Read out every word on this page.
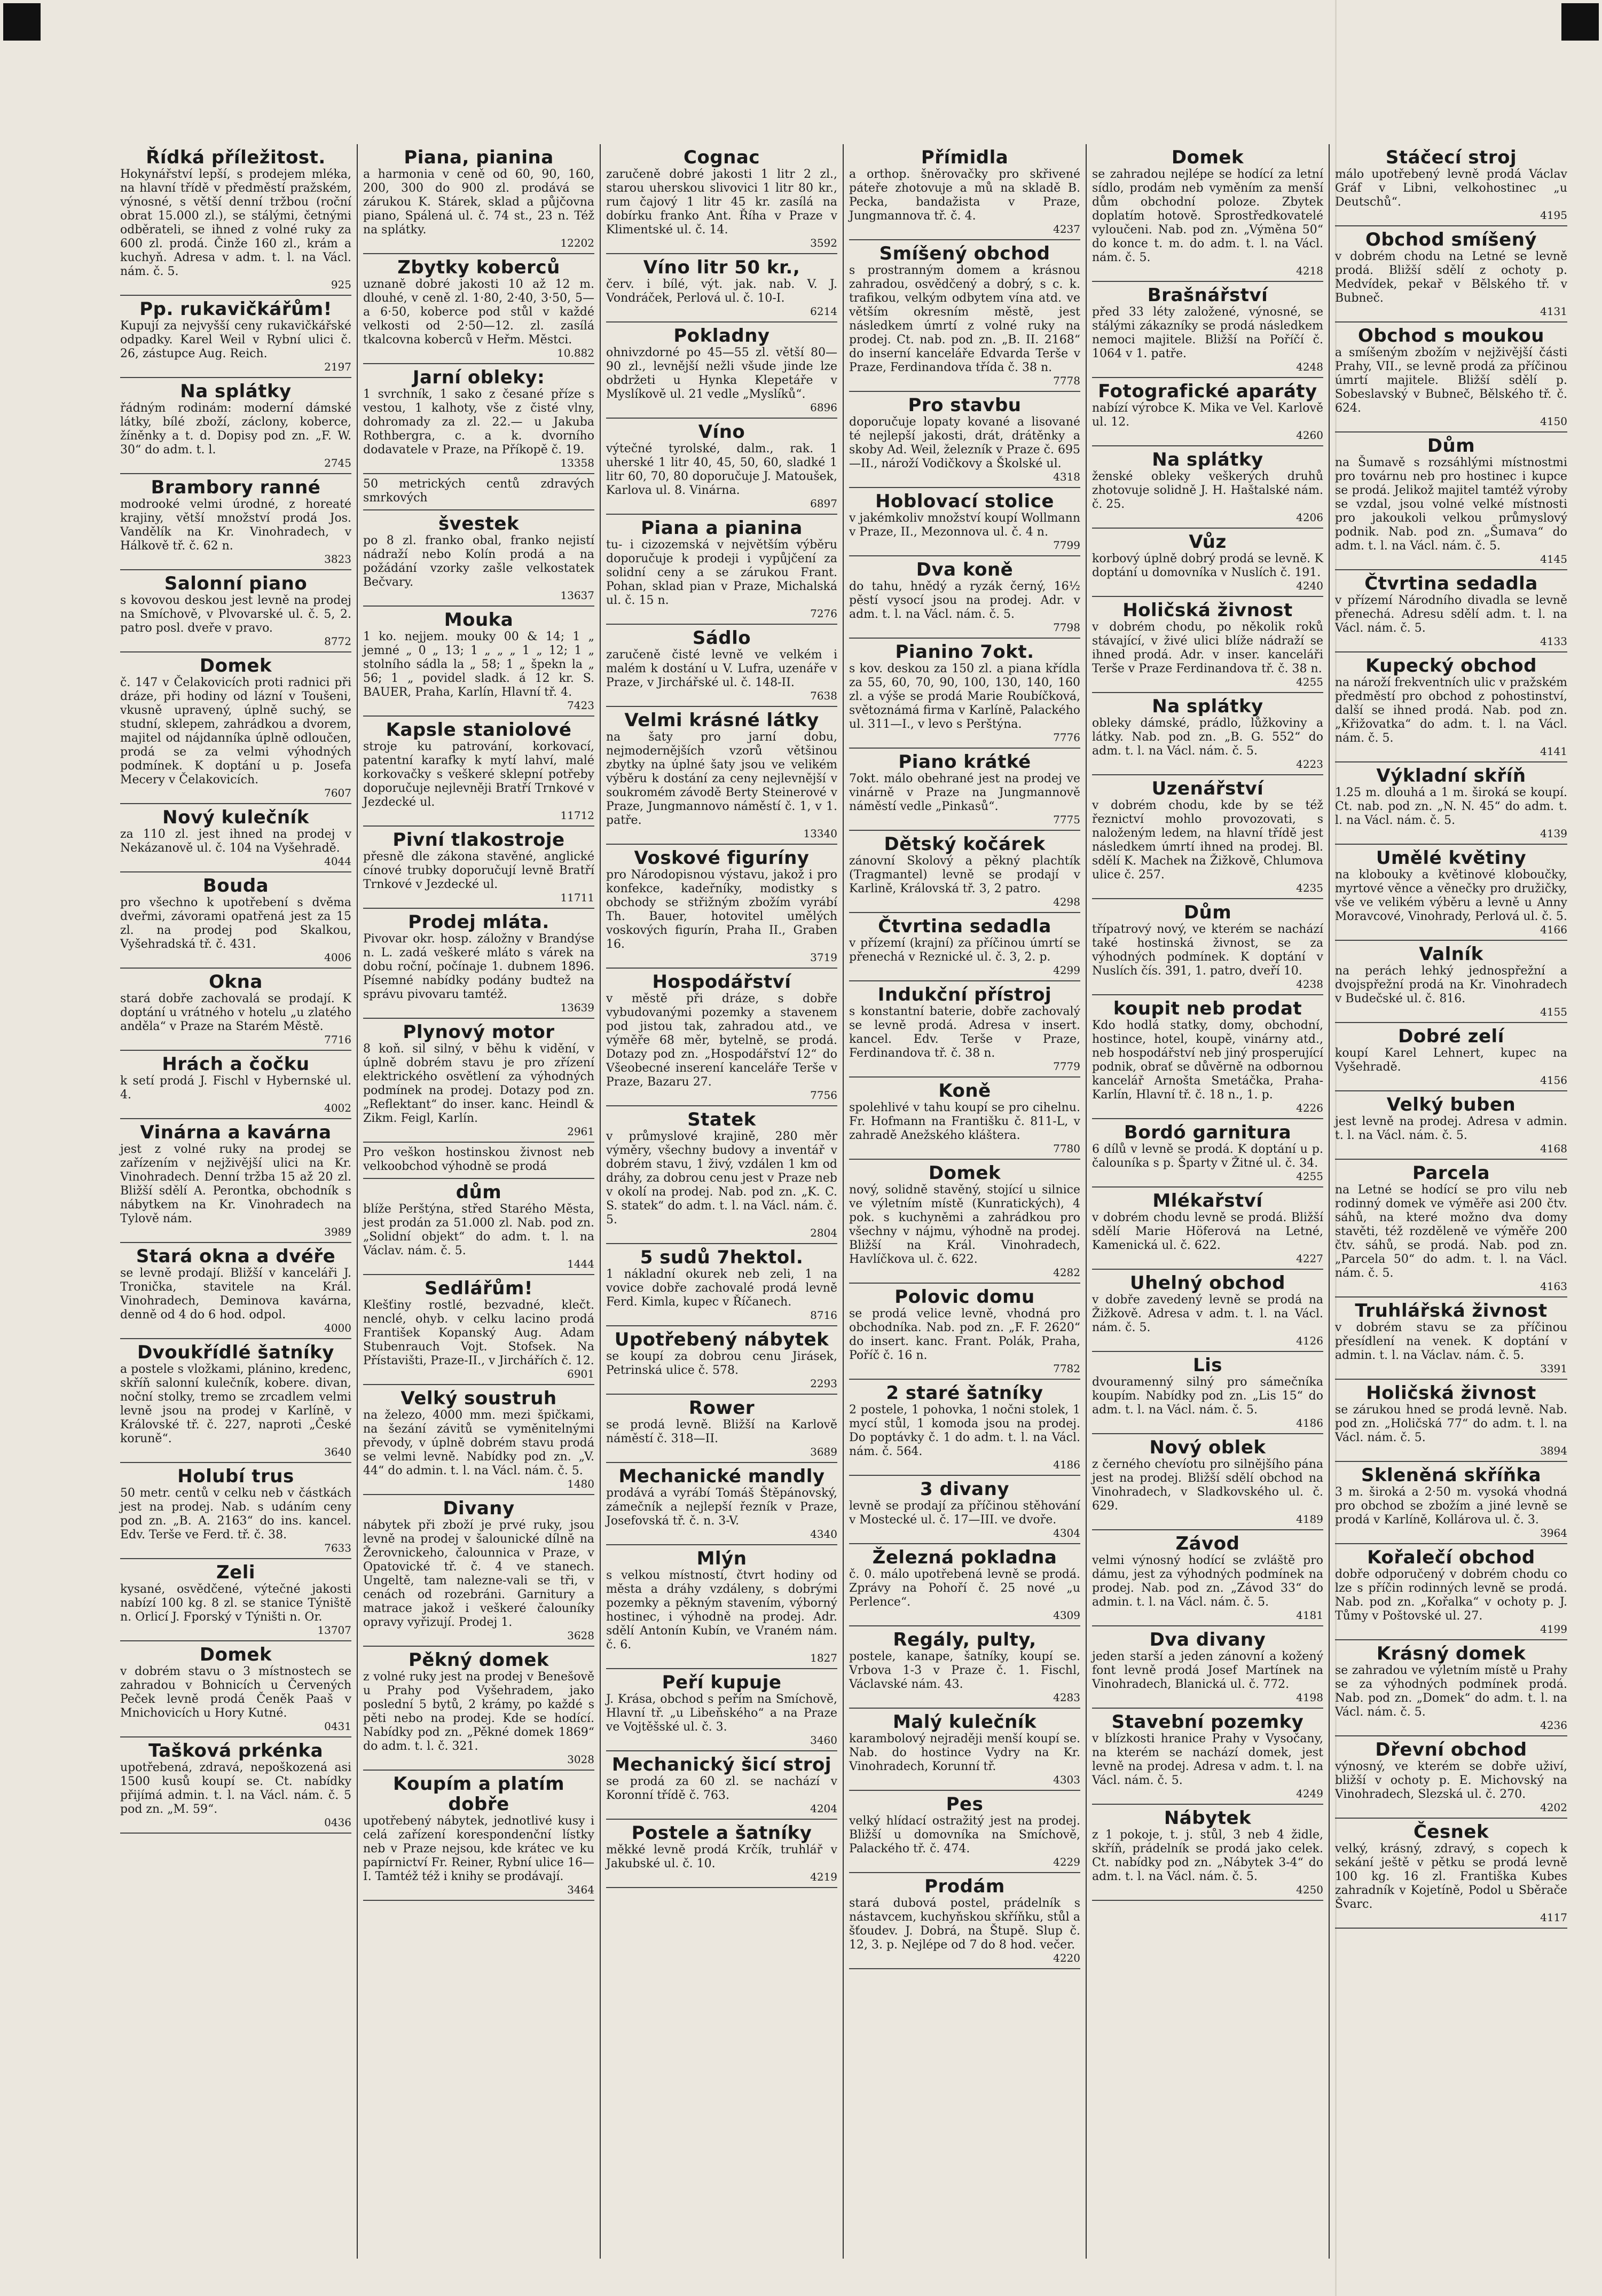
Řídká příležitost.

Hokynářství lepší, s prodejem mléka, na hlavní třídě v předměstí pražském, výnosné, s větší denní tržbou (roční obrat 15.000 zl.), se stálými, četnými odběrateli, se ihned z volné ruky za 600 zl. prodá. Činže 160 zl., krám a kuchyň. Adresa v adm. t. l. na Václ. nám. č. 5.

925
Pp. rukavičkářům!

Kupují za nejvyšší ceny rukavičkářské odpadky. Karel Weil v Rybní ulici č. 26, zástupce Aug. Reich.

2197
Na splátky

řádným rodinám: moderní dámské látky, bílé zboží, záclony, koberce, žíněnky a t. d. Dopisy pod zn. „F. W. 30“ do adm. t. l.

2745
Brambory ranné

modrooké velmi úrodné, z horeaté krajiny, větší množství prodá Jos. Vandělík na Kr. Vinohradech, v Hálkově tř. č. 62 n.

3823
Salonní piano

s kovovou deskou jest levně na prodej na Smíchově, v Plvovarské ul. č. 5, 2. patro posl. dveře v pravo.

8772
Domek

č. 147 v Čelakovicích proti radnici při dráze, při hodiny od lázní v Toušeni, vkusně upravený, úplně suchý, se studní, sklepem, zahrádkou a dvorem, majitel od nájdanníka úplně odloučen, prodá se za velmi výhodných podmínek. K doptání u p. Josefa Mecery v Čelakovicích.

7607
Nový kulečník

za 110 zl. jest ihned na prodej v Nekázanově ul. č. 104 na Vyšehradě.

4044
Bouda

pro všechno k upotřebení s dvěma dveřmi, závorami opatřená jest za 15 zl. na prodej pod Skalkou, Vyšehradská tř. č. 431.

4006
Okna

stará dobře zachovalá se prodají. K doptání u vrátného v hotelu „u zlatého anděla“ v Praze na Starém Městě.

7716
Hrách a čočku

k setí prodá J. Fischl v Hybernské ul. 4.

4002
Vinárna a kavárna

jest z volné ruky na prodej se zařízením v nejživější ulici na Kr. Vinohradech. Denní tržba 15 až 20 zl. Bližší sdělí A. Perontka, obchodník s nábytkem na Kr. Vinohradech na Tylově nám.

3989
Stará okna a dvéře

se levně prodají. Bližší v kanceláři J. Tronička, stavitele na Král. Vinohradech, Deminova kavárna, denně od 4 do 6 hod. odpol.

4000
Dvoukřídlé šatníky

a postele s vložkami, plánino, kredenc, skříň salonní kulečník, kobere. divan, noční stolky, tremo se zrcadlem velmi levně jsou na prodej v Karlíně, v Královské tř. č. 227, naproti „České koruně“.

3640
Holubí trus

50 metr. centů v celku neb v částkách jest na prodej. Nab. s udáním ceny pod zn. „B. A. 2163“ do ins. kancel. Edv. Terše ve Ferd. tř. č. 38.

7633
Zeli

kysané, osvědčené, výtečné jakosti nabízí 100 kg. 8 zl. se stanice Týniště n. Orlicí J. Fporský v Týništi n. Or.

13707
Domek

v dobrém stavu o 3 místnostech se zahradou v Bohnicích u Červených Peček levně prodá Čeněk Paaš v Mnichovicích u Hory Kutné.

0431
Tašková prkénka

upotřebená, zdravá, nepoškozená asi 1500 kusů koupí se. Ct. nabídky přijímá admin. t. l. na Václ. nám. č. 5 pod zn. „M. 59“.

0436
Piana, pianina

a harmonia v ceně od 60, 90, 160, 200, 300 do 900 zl. prodává se zárukou K. Stárek, sklad a půjčovna piano, Spálená ul. č. 74 st., 23 n. Též na splátky.

12202
Zbytky koberců

uznaně dobré jakosti 10 až 12 m. dlouhé, v ceně zl. 1·80, 2·40, 3·50, 5— a 6·50, koberce pod stůl v každé velkosti od 2·50—12. zl. zasílá tkalcovna koberců v Heřm. Městci.

10.882
Jarní obleky:

1 svrchník, 1 sako z česané příze s vestou, 1 kalhoty, vše z čisté vlny, dohromady za zl. 22.— u Jakuba Rothbergra, c. a k. dvorního dodavatele v Praze, na Příkopě č. 19.

13358

50 metrických centů zdravých smrkových

švestek

po 8 zl. franko obal, franko nejistí nádraží nebo Kolín prodá a na požádání vzorky zašle velkostatek Bečvary.

13637
Mouka

1 ko. nejjem. mouky 00 & 14; 1 „ jemné „ 0 „ 13; 1 „ „ „ 1 „ 12; 1 „ stolního sádla la „ 58; 1 „ špekn la „ 56; 1 „ povidel sladk. á 12 kr. S. BAUER, Praha, Karlín, Hlavní tř. 4.

7423
Kapsle staniolové

stroje ku patrování, korkovací, patentní karafky k mytí lahví, malé korkovačky s veškeré sklepní potřeby doporučuje nejlevněji Bratří Trnkové v Jezdecké ul.

11712
Pivní tlakostroje

přesně dle zákona stavěné, anglické cínové trubky doporučují levně Bratří Trnkové v Jezdecké ul.

11711
Prodej mláta.

Pivovar okr. hosp. záložny v Brandýse n. L. zadá veškeré mláto s várek na dobu roční, počínaje 1. dubnem 1896. Písemné nabídky podány budtež na správu pivovaru tamtéž.

13639
Plynový motor

8 koň. sil silný, v běhu k vidění, v úplně dobrém stavu je pro zřízení elektrického osvětlení za výhodných podmínek na prodej. Dotazy pod zn. „Reflektant“ do inser. kanc. Heindl & Zikm. Feigl, Karlín.

2961

Pro veškon hostinskou živnost neb velkoobchod výhodně se prodá

dům

blíže Perštýna, střed Starého Města, jest prodán za 51.000 zl. Nab. pod zn. „Solidní objekt“ do adm. t. l. na Václav. nám. č. 5.

1444
Sedlářům!

Klešťiny rostlé, bezvadné, klečt. nenclé, ohyb. v celku lacino prodá František Kopanský Aug. Adam Stubenrauch Vojt. Stofsek. Na Přístavišti, Praze-II., v Jirchářích č. 12.

6901
Velký soustruh

na železo, 4000 mm. mezi špičkami, na šezání závitů se vyměnitelnými převody, v úplně dobrém stavu prodá se velmi levně. Nabídky pod zn. „V. 44“ do admin. t. l. na Václ. nám. č. 5.

1480
Divany

nábytek při zboží je prvé ruky, jsou levně na prodej v šalounické dílně na Žerovnickeho, čalounnica v Praze, v Opatovické tř. č. 4 ve stanech. Ungeltě, tam nalezne-vali se tři, v cenách od rozebráni. Garnitury a matrace jakož i veškeré čalouníky opravy vyřizují. Prodej 1.

3628
Pěkný domek

z volné ruky jest na prodej v Benešově u Prahy pod Vyšehradem, jako poslední 5 bytů, 2 krámy, po každé s pěti nebo na prodej. Kde se hodící. Nabídky pod zn. „Pěkné domek 1869“ do adm. t. l. č. 321.

3028
Koupím a platím dobře

upotřebený nábytek, jednotlivé kusy i celá zařízení korespondenční lístky neb v Praze nejsou, kde krátec ve ku papírnictví Fr. Reiner, Rybní ulice 16—I. Tamtéž též i knihy se prodávají.

3464
Cognac

zaručeně dobré jakosti 1 litr 2 zl., starou uherskou slivovici 1 litr 80 kr., rum čajový 1 litr 45 kr. zasílá na dobírku franko Ant. Říha v Praze v Klimentské ul. č. 14.

3592
Víno litr 50 kr.,

červ. i bílé, výt. jak. nab. V. J. Vondráček, Perlová ul. č. 10-I.

6214
Pokladny

ohnivzdorné po 45—55 zl. větší 80—90 zl., levnější nežli všude jinde lze obdržeti u Hynka Klepetáře v Myslíkově ul. 21 vedle „Myslíků“.

6896
Víno

výtečné tyrolské, dalm., rak. 1 uherské 1 litr 40, 45, 50, 60, sladké 1 litr 60, 70, 80 doporučuje J. Matoušek, Karlova ul. 8. Vinárna.

6897
Piana a pianina

tu- i cizozemská v největším výběru doporučuje k prodeji i vypůjčení za solidní ceny a se zárukou Frant. Pohan, sklad pian v Praze, Michalská ul. č. 15 n.

7276
Sádlo

zaručeně čisté levně ve velkém i malém k dostání u V. Lufra, uzenáře v Praze, v Jirchářské ul. č. 148-II.

7638
Velmi krásné látky

na šaty pro jarní dobu, nejmodernějších vzorů většinou zbytky na úplné šaty jsou ve velikém výběru k dostání za ceny nejlevnější v soukromém závodě Berty Steinerové v Praze, Jungmannovo náměstí č. 1, v 1. patře.

13340
Voskové figuríny

pro Národopisnou výstavu, jakož i pro konfekce, kadeřníky, modistky s obchody se střižným zbožím vyrábí Th. Bauer, hotovitel umělých voskových figurín, Praha II., Graben 16.

3719
Hospodářství

v městě při dráze, s dobře vybudovanými pozemky a stavenem pod jistou tak, zahradou atd., ve výměře 68 měr, bytelně, se prodá. Dotazy pod zn. „Hospodářství 12“ do Všeobecné inserení kanceláře Terše v Praze, Bazaru 27.

7756
Statek

v průmyslové krajině, 280 měr výměry, všechny budovy a inventář v dobrém stavu, 1 živý, vzdálen 1 km od dráhy, za dobrou cenu jest v Praze neb v okolí na prodej. Nab. pod zn. „K. C. S. statek“ do adm. t. l. na Václ. nám. č. 5.

2804
5 sudů 7hektol.

1 nákladní okurek neb zeli, 1 na vovice dobře zachovalé prodá levně Ferd. Kimla, kupec v Říčanech.

8716
Upotřebený nábytek

se koupí za dobrou cenu Jirásek, Petrinská ulice č. 578.

2293
Rower

se prodá levně. Bližší na Karlově náměstí č. 318—II.

3689
Mechanické mandly

prodává a vyrábí Tomáš Štěpánovský, zámečník a nejlepší řezník v Praze, Josefovská tř. č. n. 3-V.

4340
Mlýn

s velkou místností, čtvrt hodiny od města a dráhy vzdáleny, s dobrými pozemky a pěkným stavením, výborný hostinec, i výhodně na prodej. Adr. sdělí Antonín Kubín, ve Vraném nám. č. 6.

1827
Peří kupuje

J. Krása, obchod s peřím na Smíchově, Hlavní tř. „u Libeňského“ a na Praze ve Vojtěšské ul. č. 3.

3460
Mechanický šicí stroj

se prodá za 60 zl. se nachází v Koronní třídě č. 763.

4204
Postele a šatníky

měkké levně prodá Krčík, truhlář v Jakubské ul. č. 10.

4219
Přímidla

a orthop. šněrovačky pro skřivené páteře zhotovuje a mů na skladě B. Pecka, bandažista v Praze, Jungmannova tř. č. 4.

4237
Smíšený obchod

s prostranným domem a krásnou zahradou, osvědčený a dobrý, s c. k. trafikou, velkým odbytem vína atd. ve větším okresním městě, jest následkem úmrtí z volné ruky na prodej. Ct. nab. pod zn. „B. II. 2168“ do inserní kanceláře Edvarda Terše v Praze, Ferdinandova třída č. 38 n.

7778
Pro stavbu

doporučuje lopaty kované a lisované té nejlepší jakosti, drát, drátěnky a skoby Ad. Weil, železník v Praze č. 695—II., nároží Vodičkovy a Školské ul.

4318
Hoblovací stolice

v jakémkoliv množství koupí Wollmann v Praze, II., Mezonnova ul. č. 4 n.

7799
Dva koně

do tahu, hnědý a ryzák černý, 16½ pěstí vysocí jsou na prodej. Adr. v adm. t. l. na Václ. nám. č. 5.

7798
Pianino 7okt.

s kov. deskou za 150 zl. a piana křídla za 55, 60, 70, 90, 100, 130, 140, 160 zl. a výše se prodá Marie Roubíčková, světoznámá firma v Karlíně, Palackého ul. 311—I., v levo s Perštýna.

7776
Piano krátké

7okt. málo obehrané jest na prodej ve vinárně v Praze na Jungmannově náměstí vedle „Pinkasů“.

7775
Dětský kočárek

zánovní Skolový a pěkný plachtík (Tragmantel) levně se prodají v Karlině, Královská tř. 3, 2 patro.

4298
Čtvrtina sedadla

v přízemí (krajní) za příčinou úmrtí se přenechá v Reznické ul. č. 3, 2. p.

4299
Indukční přístroj

s konstantní baterie, dobře zachovalý se levně prodá. Adresa v insert. kancel. Edv. Terše v Praze, Ferdinandova tř. č. 38 n.

7779
Koně

spolehlivé v tahu koupí se pro cihelnu. Fr. Hofmann na Františku č. 811-L, v zahradě Anežského kláštera.

7780
Domek

nový, solidně stavěný, stojící u silnice ve výletním místě (Kunratických), 4 pok. s kuchyněmi a zahrádkou pro všechny v nájmu, výhodně na prodej. Bližší na Král. Vinohradech, Havlíčkova ul. č. 622.

4282
Polovic domu

se prodá velice levně, vhodná pro obchodníka. Nab. pod zn. „F. F. 2620“ do insert. kanc. Frant. Polák, Praha, Poříč č. 16 n.

7782
2 staré šatníky

2 postele, 1 pohovka, 1 nočni stolek, 1 mycí stůl, 1 komoda jsou na prodej. Do poptávky č. 1 do adm. t. l. na Václ. nám. č. 564.

4186
3 divany

levně se prodají za příčinou stěhování v Mostecké ul. č. 17—III. ve dvoře.

4304
Železná pokladna

č. 0. málo upotřebená levně se prodá. Zprávy na Pohoří č. 25 nové „u Perlence“.

4309
Regály, pulty,

postele, kanape, šatníky, koupí se. Vrbova 1-3 v Praze č. 1. Fischl, Václavské nám. 43.

4283
Malý kulečník

karambolový nejraději menší koupí se. Nab. do hostince Vydry na Kr. Vinohradech, Korunní tř.

4303
Pes

velký hlídací ostražitý jest na prodej. Bližší u domovníka na Smíchově, Palackého tř. č. 474.

4229
Prodám

stará dubová postel, prádelník s nástavcem, kuchyňskou skříňku, stůl a šťoudev. J. Dobrá, na Štupě. Slup č. 12, 3. p. Nejlépe od 7 do 8 hod. večer.

4220
Domek

se zahradou nejlépe se hodící za letní sídlo, prodám neb vyměním za menší dům obchodní poloze. Zbytek doplatím hotově. Sprostředkovatelé vyloučeni. Nab. pod zn. „Výměna 50“ do konce t. m. do adm. t. l. na Václ. nám. č. 5.

4218
Brašnářství

před 33 léty založené, výnosné, se stálými zákazníky se prodá následkem nemoci majitele. Bližší na Poříčí č. 1064 v 1. patře.

4248
Fotografické aparáty

nabízí výrobce K. Mika ve Vel. Karlově ul. 12.

4260
Na splátky

ženské obleky veškerých druhů zhotovuje solidně J. H. Haštalské nám. č. 25.

4206
Vůz

korbový úplně dobrý prodá se levně. K doptání u domovníka v Nuslích č. 191.

4240
Holičská živnost

v dobrém chodu, po několik roků stávající, v živé ulici blíže nádraží se ihned prodá. Adr. v inser. kanceláři Terše v Praze Ferdinandova tř. č. 38 n.

4255
Na splátky

obleky dámské, prádlo, lůžkoviny a látky. Nab. pod zn. „B. G. 552“ do adm. t. l. na Václ. nám. č. 5.

4223
Uzenářství

v dobrém chodu, kde by se též řeznictví mohlo provozovati, s naloženým ledem, na hlavní třídě jest následkem úmrtí ihned na prodej. Bl. sdělí K. Machek na Žižkově, Chlumova ulice č. 257.

4235
Dům

třípatrový nový, ve kterém se nachází také hostinská živnost, se za výhodných podmínek. K doptání v Nuslích čís. 391, 1. patro, dveří 10.

4238
koupit neb prodat

Kdo hodlá statky, domy, obchodní, hostince, hotel, koupě, vinárny atd., neb hospodářství neb jiný prosperující podnik, obrať se důvěrně na odbornou kancelář Arnošta Smetáčka, Praha-Karlín, Hlavní tř. č. 18 n., 1. p.

4226
Bordó garnitura

6 dílů v levně se prodá. K doptání u p. čalouníka s p. Šparty v Žitné ul. č. 34.

4255
Mlékařství

v dobrém chodu levně se prodá. Bližší sdělí Marie Höferová na Letné, Kamenická ul. č. 622.

4227
Uhelný obchod

v dobře zavedený levně se prodá na Žižkově. Adresa v adm. t. l. na Václ. nám. č. 5.

4126
Lis

dvouramenný silný pro sámečníka koupím. Nabídky pod zn. „Lis 15“ do adm. t. l. na Václ. nám. č. 5.

4186
Nový oblek

z černého chevíotu pro silnějšího pána jest na prodej. Bližší sdělí obchod na Vinohradech, v Sladkovského ul. č. 629.

4189
Závod

velmi výnosný hodící se zvláště pro dámu, jest za výhodných podmínek na prodej. Nab. pod zn. „Závod 33“ do admin. t. l. na Václ. nám. č. 5.

4181
Dva divany

jeden starší a jeden zánovní a kožený font levně prodá Josef Martínek na Vinohradech, Blanická ul. č. 772.

4198
Stavební pozemky

v blízkosti hranice Prahy v Vysočany, na kterém se nachází domek, jest levně na prodej. Adresa v adm. t. l. na Václ. nám. č. 5.

4249
Nábytek

z 1 pokoje, t. j. stůl, 3 neb 4 židle, skříň, prádelník se prodá jako celek. Ct. nabídky pod zn. „Nábytek 3-4“ do adm. t. l. na Václ. nám. č. 5.

4250
Stáčecí stroj

málo upotřebený levně prodá Václav Gráf v Libni, velkohostinec „u Deutschů“.

4195
Obchod smíšený

v dobrém chodu na Letné se levně prodá. Bližší sdělí z ochoty p. Medvídek, pekař v Bělského tř. v Bubneč.

4131
Obchod s moukou

a smíšeným zbožím v nejživější části Prahy, VII., se levně prodá za příčinou úmrtí majitele. Bližší sdělí p. Sobeslavský v Bubneč, Bělského tř. č. 624.

4150
Dům

na Šumavě s rozsáhlými místnostmi pro továrnu neb pro hostinec i kupce se prodá. Jelikož majitel tamtéž výroby se vzdal, jsou volné velké místnosti pro jakoukoli velkou průmyslový podnik. Nab. pod zn. „Šumava“ do adm. t. l. na Václ. nám. č. 5.

4145
Čtvrtina sedadla

v přízemí Národního divadla se levně přenechá. Adresu sdělí adm. t. l. na Václ. nám. č. 5.

4133
Kupecký obchod

na nároží frekventních ulic v pražském předměstí pro obchod z pohostinství, další se ihned prodá. Nab. pod zn. „Křižovatka“ do adm. t. l. na Václ. nám. č. 5.

4141
Výkladní skříň

1.25 m. dlouhá a 1 m. široká se koupí. Ct. nab. pod zn. „N. N. 45“ do adm. t. l. na Václ. nám. č. 5.

4139
Umělé květiny

na klobouky a květinové kloboučky, myrtové věnce a věnečky pro družičky, vše ve velikém výběru a levně u Anny Moravcové, Vinohrady, Perlová ul. č. 5.

4166
Valník

na perách lehký jednospřežní a dvojspřežní prodá na Kr. Vinohradech v Budečské ul. č. 816.

4155
Dobré zelí

koupí Karel Lehnert, kupec na Vyšehradě.

4156
Velký buben

jest levně na prodej. Adresa v admin. t. l. na Václ. nám. č. 5.

4168
Parcela

na Letné se hodící se pro vilu neb rodinný domek ve výměře asi 200 čtv. sáhů, na které možno dva domy stavěti, též rozděleně ve výměře 200 čtv. sáhů, se prodá. Nab. pod zn. „Parcela 50“ do adm. t. l. na Václ. nám. č. 5.

4163
Truhlářská živnost

v dobrém stavu se za příčinou přesídlení na venek. K doptání v admin. t. l. na Václav. nám. č. 5.

3391
Holičská živnost

se zárukou hned se prodá levně. Nab. pod zn. „Holičská 77“ do adm. t. l. na Václ. nám. č. 5.

3894
Skleněná skříňka

3 m. široká a 2·50 m. vysoká vhodná pro obchod se zbožím a jiné levně se prodá v Karlíně, Kollárova ul. č. 3.

3964
Kořalečí obchod

dobře odporučený v dobrém chodu co lze s příčin rodinných levně se prodá. Nab. pod zn. „Kořalka“ v ochoty p. J. Tůmy v Poštovské ul. 27.

4199
Krásný domek

se zahradou ve výletním místě u Prahy se za výhodných podmínek prodá. Nab. pod zn. „Domek“ do adm. t. l. na Václ. nám. č. 5.

4236
Dřevní obchod

výnosný, ve kterém se dobře uživí, bližší v ochoty p. E. Michovský na Vinohradech, Slezská ul. č. 270.

4202
Česnek

velký, krásný, zdravý, s copech k sekání ještě v pětku se prodá levně 100 kg. 16 zl. Františka Kubes zahradník v Kojetíně, Podol u Sběrače Švarc.

4117
